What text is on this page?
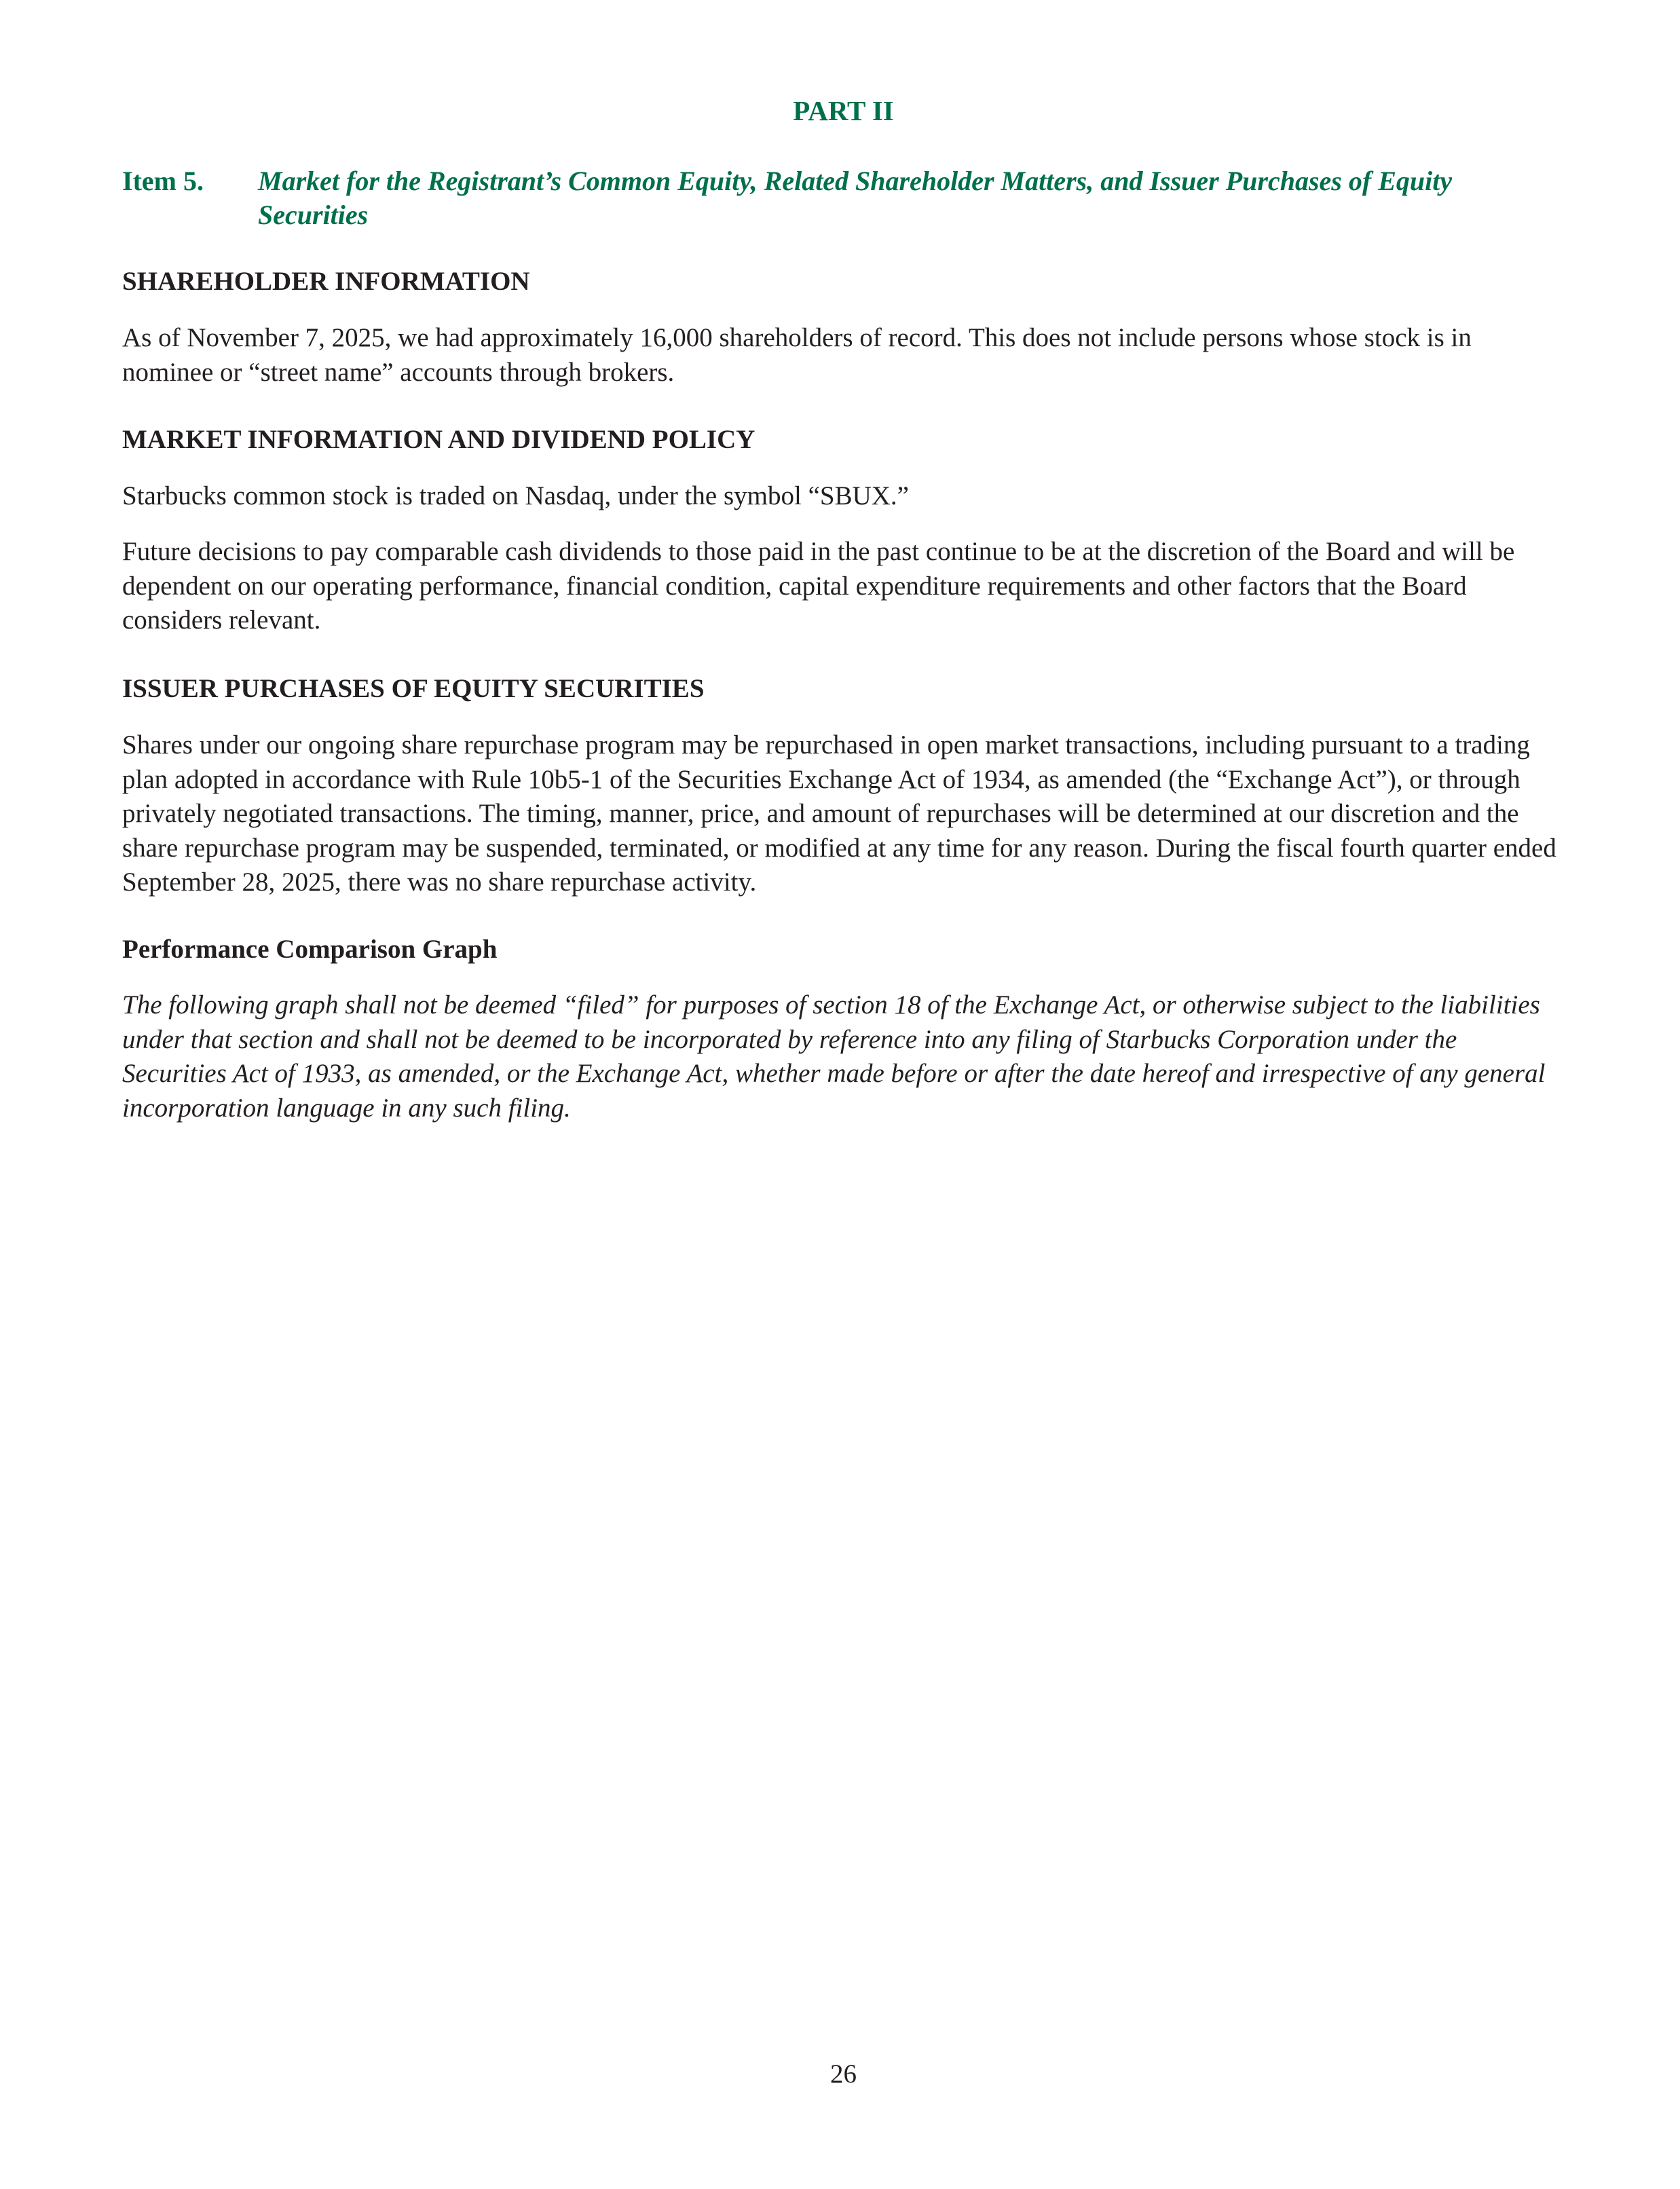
PART II
Item 5.	Market for the Registrant’s Common Equity, Related Shareholder Matters, and Issuer Purchases of Equity Securities
SHAREHOLDER INFORMATION

As of November 7, 2025, we had approximately 16,000 shareholders of record. This does not include persons whose stock is in nominee or “street name” accounts through brokers.

MARKET INFORMATION AND DIVIDEND POLICY

Starbucks common stock is traded on Nasdaq, under the symbol “SBUX.”

Future decisions to pay comparable cash dividends to those paid in the past continue to be at the discretion of the Board and will be dependent on our operating performance, financial condition, capital expenditure requirements and other factors that the Board considers relevant.

ISSUER PURCHASES OF EQUITY SECURITIES

Shares under our ongoing share repurchase program may be repurchased in open market transactions, including pursuant to a trading plan adopted in accordance with Rule 10b5-1 of the Securities Exchange Act of 1934, as amended (the “Exchange Act”), or through privately negotiated transactions. The timing, manner, price, and amount of repurchases will be determined at our discretion and the share repurchase program may be suspended, terminated, or modified at any time for any reason. During the fiscal fourth quarter ended September 28, 2025, there was no share repurchase activity.

Performance Comparison Graph

The following graph shall not be deemed “filed” for purposes of section 18 of the Exchange Act, or otherwise subject to the liabilities under that section and shall not be deemed to be incorporated by reference into any filing of Starbucks Corporation under the Securities Act of 1933, as amended, or the Exchange Act, whether made before or after the date hereof and irrespective of any general incorporation language in any such filing.

26
